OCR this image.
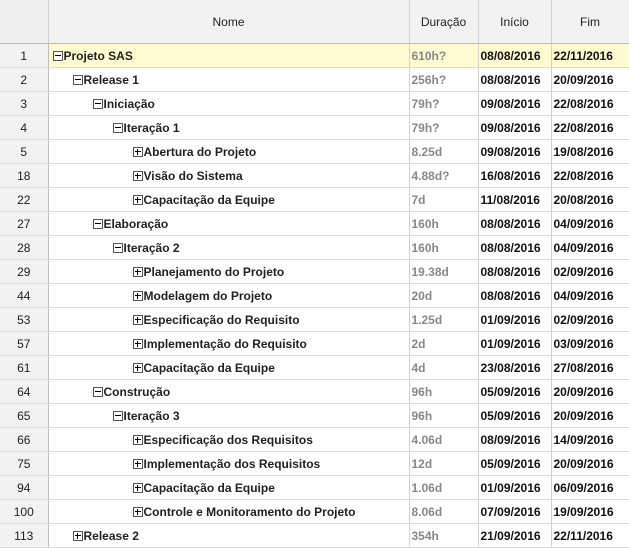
	Nome	Duração	Início	Fim
1	Projeto SAS	610h?	08/08/2016	22/11/2016
2	Release 1	256h?	08/08/2016	20/09/2016
3	Iniciação	79h?	09/08/2016	22/08/2016
4	Iteração 1	79h?	09/08/2016	22/08/2016
5	Abertura do Projeto	8.25d	09/08/2016	19/08/2016
18	Visão do Sistema	4.88d?	16/08/2016	22/08/2016
22	Capacitação da Equipe	7d	11/08/2016	20/08/2016
27	Elaboração	160h	08/08/2016	04/09/2016
28	Iteração 2	160h	08/08/2016	04/09/2016
29	Planejamento do Projeto	19.38d	08/08/2016	02/09/2016
44	Modelagem do Projeto	20d	08/08/2016	04/09/2016
53	Especificação do Requisito	1.25d	01/09/2016	02/09/2016
57	Implementação do Requisito	2d	01/09/2016	03/09/2016
61	Capacitação da Equipe	4d	23/08/2016	27/08/2016
64	Construção	96h	05/09/2016	20/09/2016
65	Iteração 3	96h	05/09/2016	20/09/2016
66	Especificação dos Requisitos	4.06d	08/09/2016	14/09/2016
75	Implementação dos Requisitos	12d	05/09/2016	20/09/2016
94	Capacitação da Equipe	1.06d	01/09/2016	06/09/2016
100	Controle e Monitoramento do Projeto	8.06d	07/09/2016	19/09/2016
113	Release 2	354h	21/09/2016	22/11/2016
